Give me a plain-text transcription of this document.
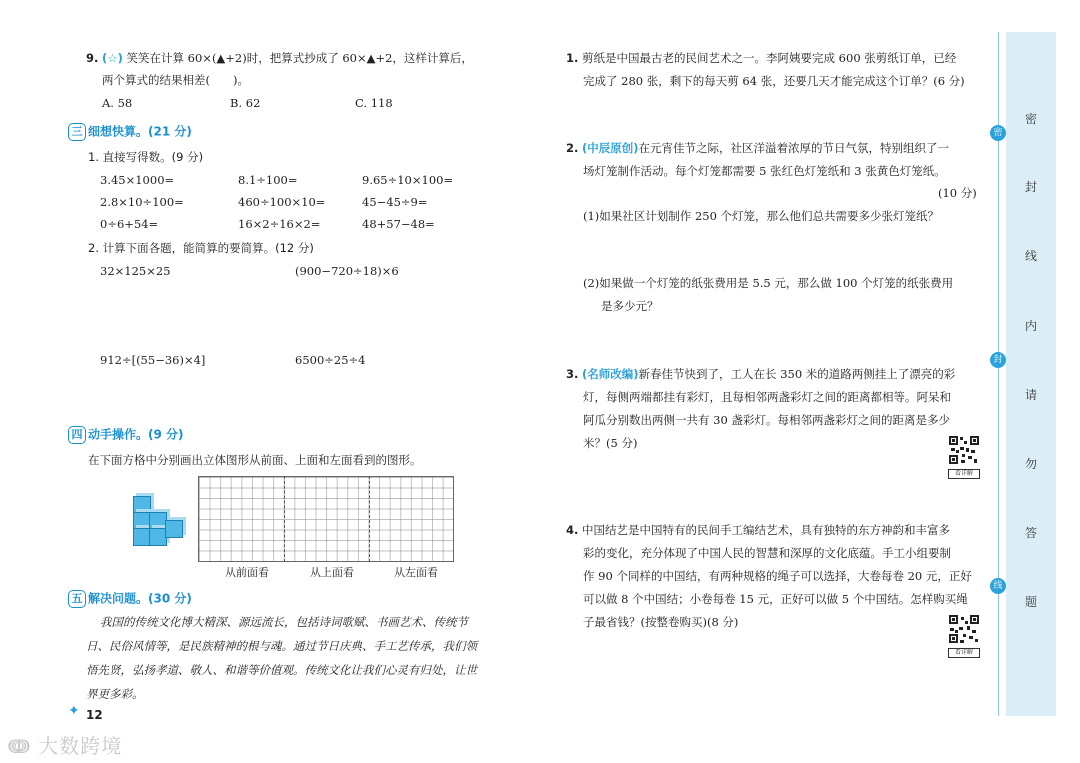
9. (☆) 笑笑在计算 60×(▲+2)时，把算式抄成了 60×▲+2，这样计算后，
两个算式的结果相差(　　)。
A. 58	B. 62	C. 118
三 细想快算。(21 分)
1. 直接写得数。(9 分)
3.45×1000=	8.1÷100=	9.65÷10×100=
2.8×10÷100=	460÷100×10=	45−45÷9=
0÷6+54=	16×2÷16×2=	48+57−48=
2. 计算下面各题，能简算的要简算。(12 分)
32×125×25	(900−720÷18)×6
912÷[(55−36)×4]	6500÷25÷4
四 动手操作。(9 分)
在下面方格中分别画出立体图形从前面、上面和左面看到的图形。
从前面看	从上面看	从左面看
五 解决问题。(30 分)
我国的传统文化博大精深、源远流长，包括诗词歌赋、书画艺术、传统节
日、民俗风情等，是民族精神的根与魂。通过节日庆典、手工艺传承，我们领
悟先贤，弘扬孝道、敬人、和谐等价值观。传统文化让我们心灵有归处，让世
界更多彩。
✦ 12
1. 剪纸是中国最古老的民间艺术之一。李阿姨要完成 600 张剪纸订单，已经
完成了 280 张，剩下的每天剪 64 张，还要几天才能完成这个订单？(6 分)
2. (中辰原创)在元宵佳节之际，社区洋溢着浓厚的节日气氛，特别组织了一
场灯笼制作活动。每个灯笼都需要 5 张红色灯笼纸和 3 张黄色灯笼纸。
(10 分)
(1)如果社区计划制作 250 个灯笼，那么他们总共需要多少张灯笼纸？
(2)如果做一个灯笼的纸张费用是 5.5 元，那么做 100 个灯笼的纸张费用
是多少元？
3. (名师改编)新春佳节快到了，工人在长 350 米的道路两侧挂上了漂亮的彩
灯，每侧两端都挂有彩灯，且每相邻两盏彩灯之间的距离都相等。阿呆和
阿瓜分别数出两侧一共有 30 盏彩灯。每相邻两盏彩灯之间的距离是多少
米？(5 分)
看详解
4. 中国结艺是中国特有的民间手工编结艺术，具有独特的东方神韵和丰富多
彩的变化，充分体现了中国人民的智慧和深厚的文化底蕴。手工小组要制
作 90 个同样的中国结，有两种规格的绳子可以选择，大卷每卷 20 元，正好
可以做 8 个中国结；小卷每卷 15 元，正好可以做 5 个中国结。怎样购买绳
子最省钱？(按整卷购买)(8 分)
看详解
密
封
线
内
请
勿
答
题
密
封
线
ↈ 大数跨境
